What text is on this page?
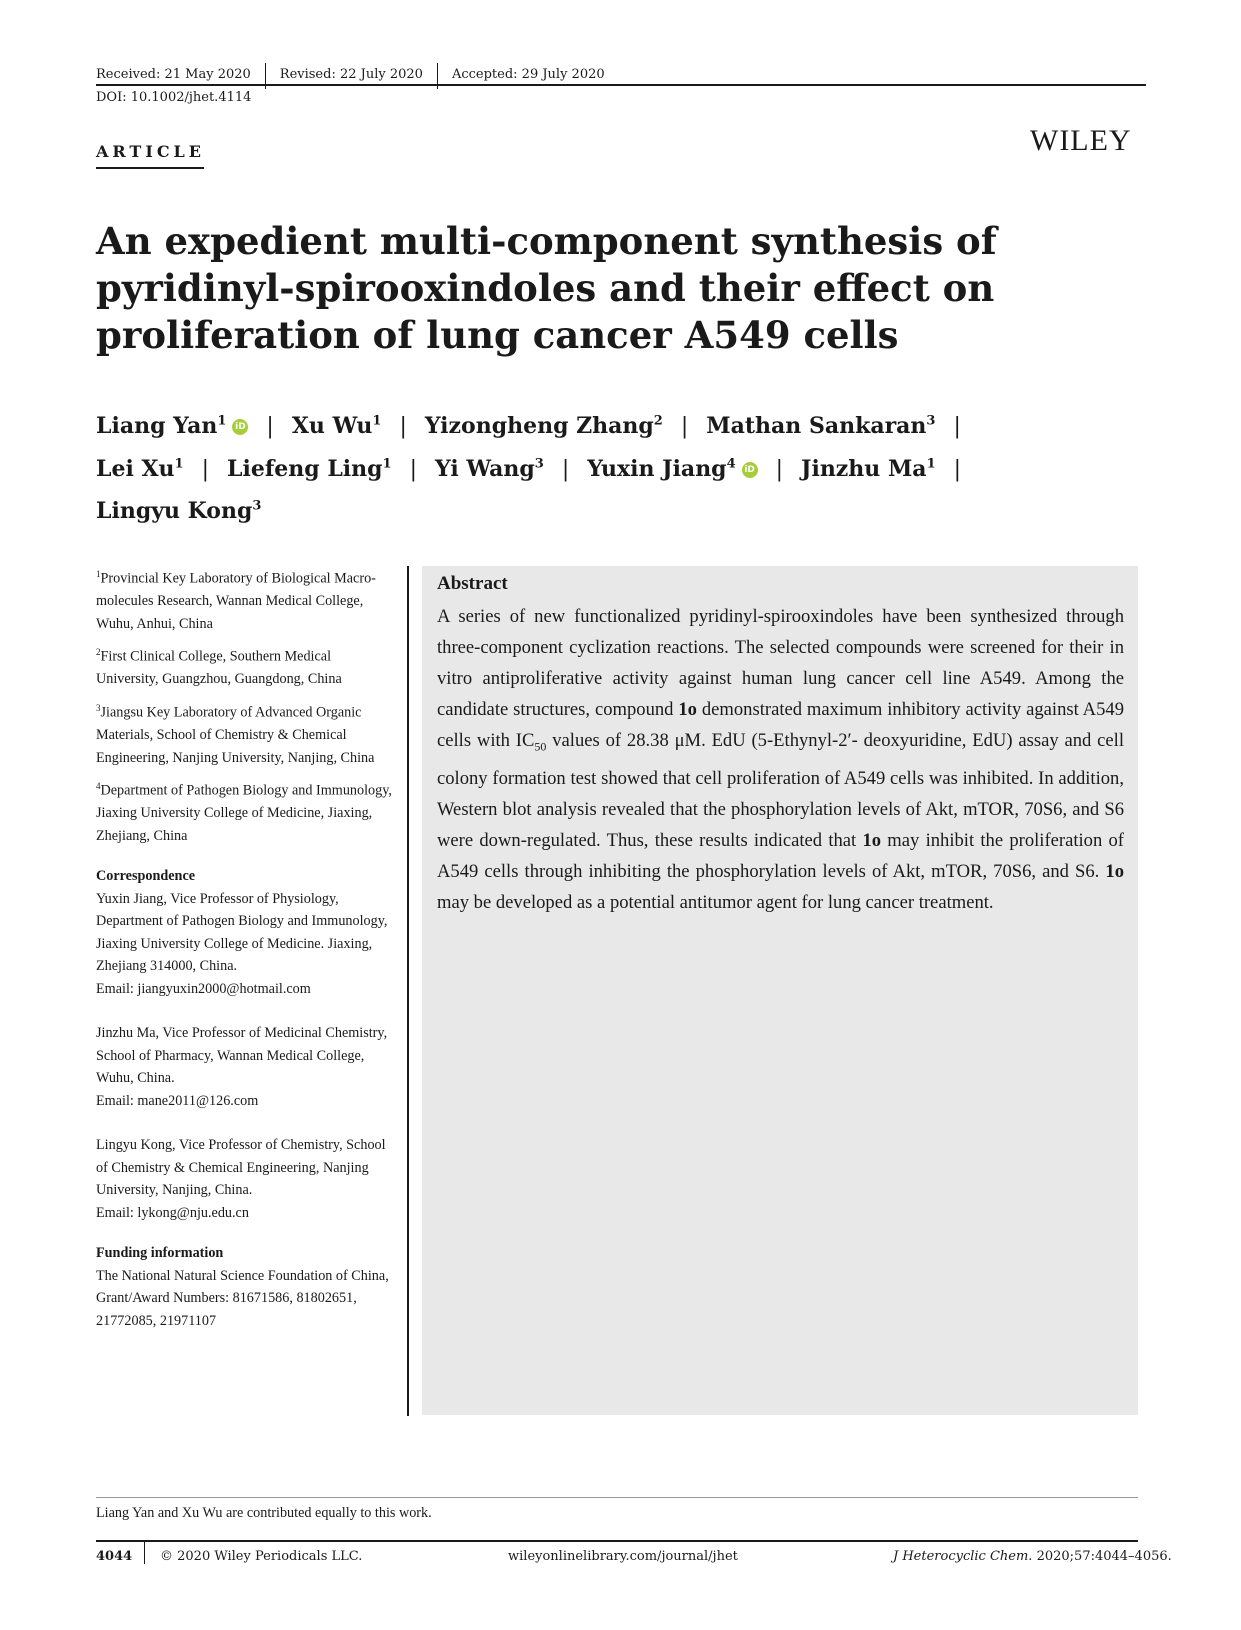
Received: 21 May 2020 Revised: 22 July 2020 Accepted: 29 July 2020
DOI: 10.1002/jhet.4114
ARTICLE	WILEY
An expedient multi-component synthesis of pyridinyl-spirooxindoles and their effect on proliferation of lung cancer A549 cells
Liang Yan$^1$ iD | Xu Wu$^1$ | Yizongheng Zhang$^2$ | Mathan Sankaran$^3$ |
Lei Xu$^1$ | Liefeng Ling$^1$ | Yi Wang$^3$ | Yuxin Jiang$^4$ iD | Jinzhu Ma$^1$ |
Lingyu Kong$^3$

$^1$Provincial Key Laboratory of Biological Macro-molecules Research, Wannan Medical College, Wuhu, Anhui, China

$^2$First Clinical College, Southern Medical University, Guangzhou, Guangdong, China

$^3$Jiangsu Key Laboratory of Advanced Organic Materials, School of Chemistry & Chemical Engineering, Nanjing University, Nanjing, China

$^4$Department of Pathogen Biology and Immunology, Jiaxing University College of Medicine, Jiaxing, Zhejiang, China

Correspondence

Yuxin Jiang, Vice Professor of Physiology, Department of Pathogen Biology and Immunology, Jiaxing University College of Medicine. Jiaxing, Zhejiang 314000, China.
Email: jiangyuxin2000@hotmail.com

Jinzhu Ma, Vice Professor of Medicinal Chemistry, School of Pharmacy, Wannan Medical College, Wuhu, China.
Email: mane2011@126.com

Lingyu Kong, Vice Professor of Chemistry, School of Chemistry & Chemical Engineering, Nanjing University, Nanjing, China.
Email: lykong@nju.edu.cn

Funding information

The National Natural Science Foundation of China, Grant/Award Numbers: 81671586, 81802651, 21772085, 21971107

Abstract
A series of new functionalized pyridinyl-spirooxindoles have been synthesized through three-component cyclization reactions. The selected compounds were screened for their in vitro antiproliferative activity against human lung cancer cell line A549. Among the candidate structures, compound 1o demonstrated maximum inhibitory activity against A549 cells with $IC_{50}$ values of 28.38 μM. EdU (5-Ethynyl-2′- deoxyuridine, EdU) assay and cell colony formation test showed that cell proliferation of A549 cells was inhibited. In addition, Western blot analysis revealed that the phosphorylation levels of Akt, mTOR, 70S6, and S6 were down-regulated. Thus, these results indicated that 1o may inhibit the proliferation of A549 cells through inhibiting the phosphorylation levels of Akt, mTOR, 70S6, and S6. 1o may be developed as a potential antitumor agent for lung cancer treatment.
Liang Yan and Xu Wu are contributed equally to this work.
4044 © 2020 Wiley Periodicals LLC.	wileyonlinelibrary.com/journal/jhet	J Heterocyclic Chem. 2020;57:4044–4056.
